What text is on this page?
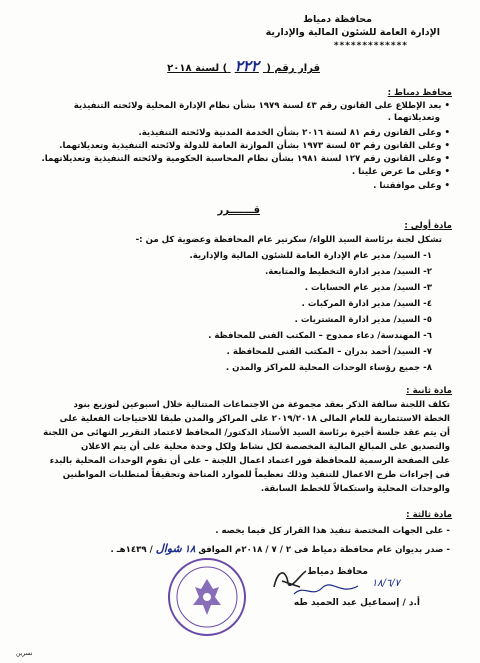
محافظة دمياط
الإدارة العامة للشئون المالية والإدارية
*************
قرار رقم ( ٢٢٢ ) لسنة ٢٠١٨
محافظ دمياط :
• بعد الإطلاع على القانون رقم ٤٣ لسنة ١٩٧٩ بشأن نظام الإدارة المحلية ولائحته التنفيذية
وتعديلاتهما .
• وعلى القانون رقم ٨١ لسنة ٢٠١٦ بشأن الخدمة المدنية ولائحته التنفيذية.
• وعلى القانون رقم ٥٣ لسنة ١٩٧٣ بشأن الموازنة العامة للدولة ولائحته التنفيذية وتعديلاتهما.
• وعلى القانون رقم ١٢٧ لسنة ١٩٨١ بشأن نظام المحاسبة الحكومية ولائحته التنفيذية وتعديلاتهما.
• وعلى ما عرض علينا .
• وعلى موافقتنا .
قـــــــرر
مادة أولى :
تشكل لجنة برئاسة السيد اللواء/ سكرتير عام المحافظة وعضوية كل من :-
١- السيد/ مدير عام الإدارة العامة للشئون المالية والإدارية.
٢- السيد/ مدير ادارة التخطيط والمتابعة.
٣- السيد/ مدير عام الحسابات .
٤- السيد/ مدير ادارة المركبات .
٥- السيد/ مدير ادارة المشتريات .
٦- المهندسة/ دعاء ممدوح – المكتب الفنى للمحافظة .
٧- السيد/ أحمد بدران – المكتب الفنى للمحافظة .
٨- جميع رؤساء الوحدات المحلية للمراكز والمدن .
مادة ثانية :
تكلف اللجنة سالفة الذكر بعقد مجموعة من الاجتماعات المتتالية خلال اسبوعين لتوزيع بنود
الخطة الاستثمارية للعام المالى ٢٠١٩/٢٠١٨ على المراكز والمدن طبقا للاحتياجات الفعلية على
أن يتم عقد جلسة أخيرة برئاسة السيد الأستاذ الدكتور/ المحافظ لاعتماد التقرير النهائى من اللجنة
والتصديق على المبالغ المالية المخصصة لكل نشاط ولكل وحدة محلية على أن يتم الاعلان
على الصفحة الرسمية للمحافظة فور اعتماد اعمال اللجنة – على أن تقوم الوحدات المحلية بالبدء
فى إجراءات طرح الاعمال للتنفيذ وذلك تعظيماً للموارد المتاحة وتحقيقاً لمتطلبات المواطنين
والوحدات المحلية واستكمالاً للخطط السابقة.
مادة ثالثة :
- على الجهات المختصة تنفيذ هذا القرار كل فيما يخصه .
- صدر بديوان عام محافظة دمياط فى ٢ / ٧ / ٢٠١٨م الموافق ١٨ شوال / ١٤٣٩هـ .
محافظ دمياط
١٨/٦/٧
أ.د / إسماعيل عبد الحميد طه
نسرين
